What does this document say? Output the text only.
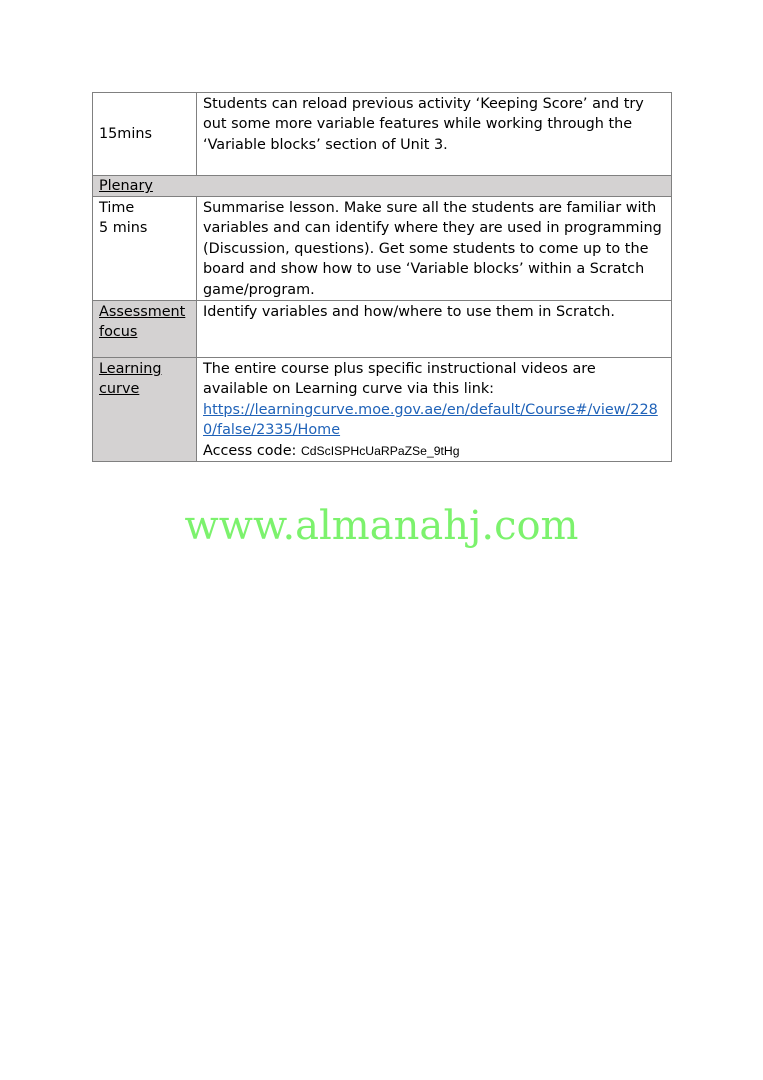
15mins	Students can reload previous activity ‘Keeping Score’ and try out some more variable features while working through the ‘Variable blocks’ section of Unit 3.
Plenary	

Time
5 mins	Summarise lesson. Make sure all the students are familiar with variables and can identify where they are used in programming (Discussion, questions). Get some students to come up to the board and show how to use ‘Variable blocks’ within a Scratch game/program.

Assessment
focus	Identify variables and how/where to use them in Scratch.

Learning
curve	The entire course plus specific instructional videos are available on Learning curve via this link:
https://learningcurve.moe.gov.ae/en/default/Course#/view/2280/false/2335/Home
Access code: CdScISPHcUaRPaZSe_9tHg
www.almanahj.com
